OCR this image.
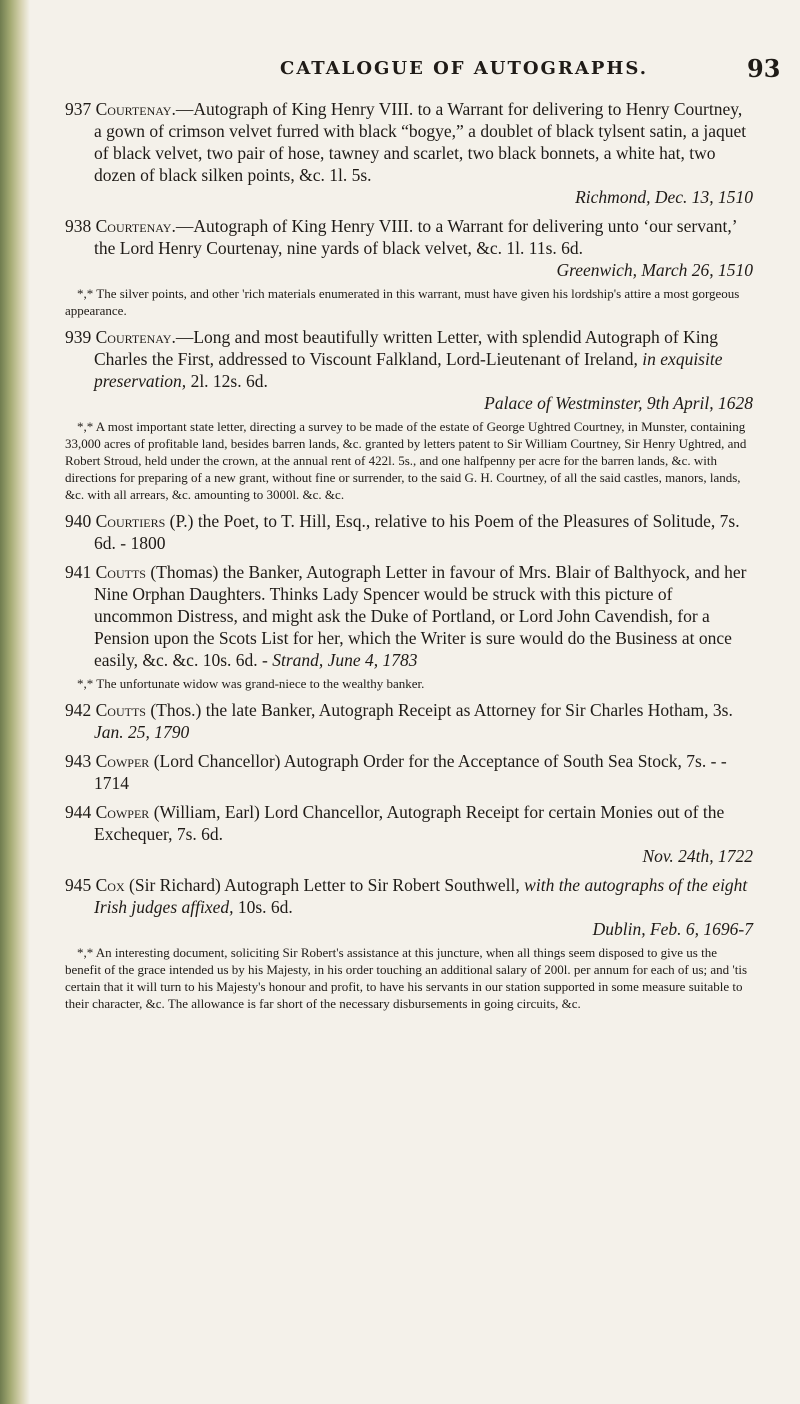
CATALOGUE OF AUTOGRAPHS.	93
937 Courtenay.—Autograph of King Henry VIII. to a Warrant for delivering to Henry Courtney, a gown of crimson velvet furred with black “bogye,” a doublet of black tylsent satin, a jaquet of black velvet, two pair of hose, tawney and scarlet, two black bonnets, a white hat, two dozen of black silken points, &c. 1l. 5s.
Richmond, Dec. 13, 1510
938 Courtenay.—Autograph of King Henry VIII. to a Warrant for delivering unto ‘our servant,’ the Lord Henry Courtenay, nine yards of black velvet, &c. 1l. 11s. 6d.
Greenwich, March 26, 1510
*,* The silver points, and other 'rich materials enumerated in this warrant, must have given his lordship's attire a most gorgeous appearance.
939 Courtenay.—Long and most beautifully written Letter, with splendid Autograph of King Charles the First, addressed to Viscount Falkland, Lord-Lieutenant of Ireland, in exquisite preservation, 2l. 12s. 6d.
Palace of Westminster, 9th April, 1628
*,* A most important state letter, directing a survey to be made of the estate of George Ughtred Courtney, in Munster, containing 33,000 acres of profitable land, besides barren lands, &c. granted by letters patent to Sir William Courtney, Sir Henry Ughtred, and Robert Stroud, held under the crown, at the annual rent of 422l. 5s., and one halfpenny per acre for the barren lands, &c. with directions for preparing of a new grant, without fine or surrender, to the said G. H. Courtney, of all the said castles, manors, lands, &c. with all arrears, &c. amounting to 3000l. &c. &c.
940 Courtiers (P.) the Poet, to T. Hill, Esq., relative to his Poem of the Pleasures of Solitude, 7s. 6d. - 1800
941 Coutts (Thomas) the Banker, Autograph Letter in favour of Mrs. Blair of Balthyock, and her Nine Orphan Daughters. Thinks Lady Spencer would be struck with this picture of uncommon Distress, and might ask the Duke of Portland, or Lord John Cavendish, for a Pension upon the Scots List for her, which the Writer is sure would do the Business at once easily, &c. &c. 10s. 6d. - Strand, June 4, 1783
*,* The unfortunate widow was grand-niece to the wealthy banker.
942 Coutts (Thos.) the late Banker, Autograph Receipt as Attorney for Sir Charles Hotham, 3s. Jan. 25, 1790
943 Cowper (Lord Chancellor) Autograph Order for the Acceptance of South Sea Stock, 7s. - - 1714
944 Cowper (William, Earl) Lord Chancellor, Autograph Receipt for certain Monies out of the Exchequer, 7s. 6d.
Nov. 24th, 1722
945 Cox (Sir Richard) Autograph Letter to Sir Robert Southwell, with the autographs of the eight Irish judges affixed, 10s. 6d.
Dublin, Feb. 6, 1696-7
*,* An interesting document, soliciting Sir Robert's assistance at this juncture, when all things seem disposed to give us the benefit of the grace intended us by his Majesty, in his order touching an additional salary of 200l. per annum for each of us; and 'tis certain that it will turn to his Majesty's honour and profit, to have his servants in our station supported in some measure suitable to their character, &c. The allowance is far short of the necessary disbursements in going circuits, &c.
